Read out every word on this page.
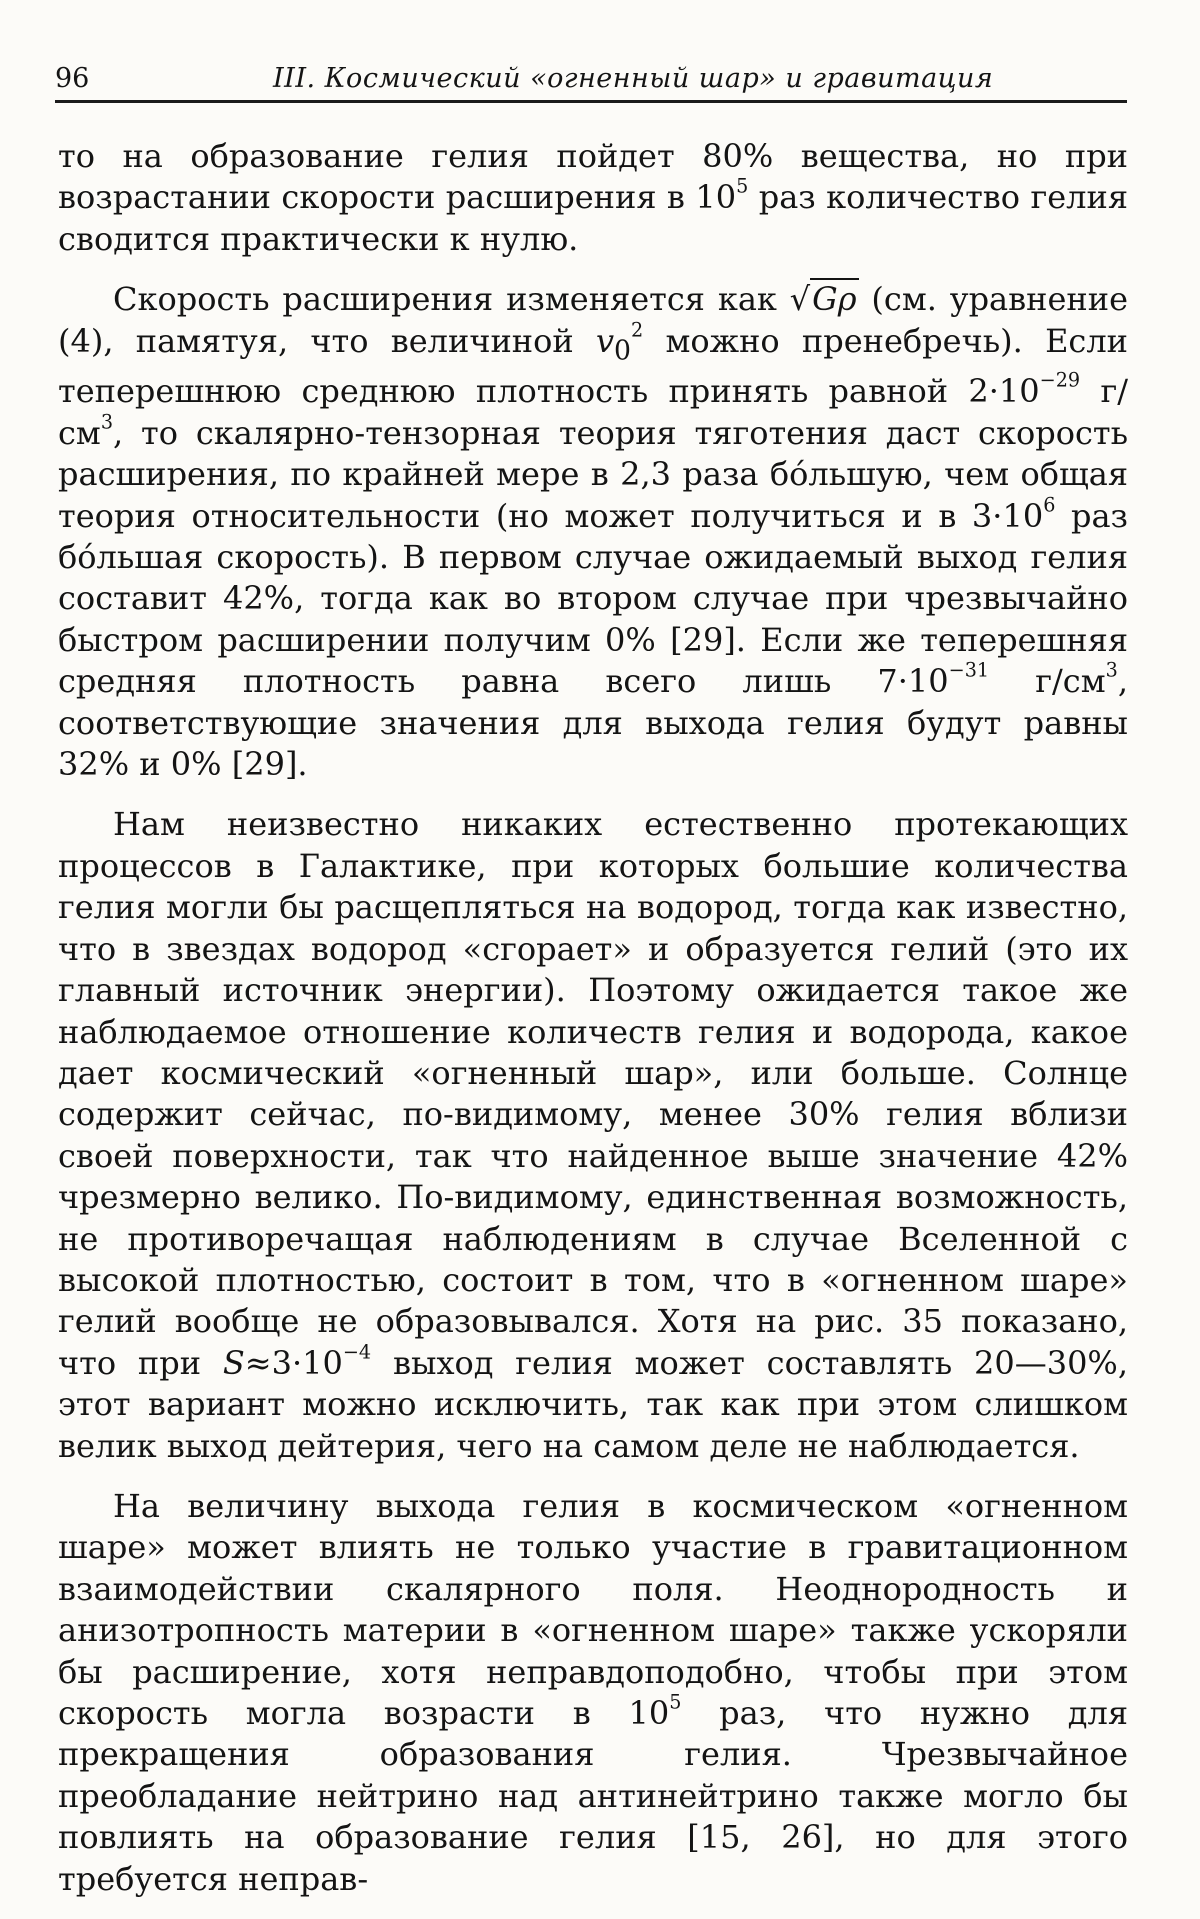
96	III. Космический «огненный шар» и гравитация

то на образование гелия пойдет 80% вещества, но при возрастании скорости расширения в $10^5$ раз количество гелия сводится практически к нулю.

Скорость расширения изменяется как √Gρ (см. уравнение (4), памятуя, что величиной $v_0^2$ можно пренебречь). Если теперешнюю среднюю плотность принять равной $2\cdot 10^{-29}$ $г/см^3$, то скалярно-тензорная теория тяготения даст скорость расширения, по крайней мере в 2,3 раза бо́льшую, чем общая теория относительности (но может получиться и в $3\cdot 10^6$ раз бо́льшая скорость). В первом случае ожидаемый выход гелия составит 42%, тогда как во втором случае при чрезвычайно быстром расширении получим 0% [29]. Если же теперешняя средняя плотность равна всего лишь $7\cdot 10^{-31}$ $г/см^3$, соответствующие значения для выхода гелия будут равны 32% и 0% [29].

Нам неизвестно никаких естественно протекающих процессов в Галактике, при которых большие количества гелия могли бы расщепляться на водород, тогда как известно, что в звездах водород «сгорает» и образуется гелий (это их главный источник энергии). Поэтому ожидается такое же наблюдаемое отношение количеств гелия и водорода, какое дает космический «огненный шар», или больше. Солнце содержит сейчас, по-видимому, менее 30% гелия вблизи своей поверхности, так что найденное выше значение 42% чрезмерно велико. По-видимому, единственная возможность, не противоречащая наблюдениям в случае Вселенной с высокой плотностью, состоит в том, что в «огненном шаре» гелий вообще не образовывался. Хотя на рис. 35 показано, что при $S\approx 3\cdot 10^{-4}$ выход гелия может составлять 20—30%, этот вариант можно исключить, так как при этом слишком велик выход дейтерия, чего на самом деле не наблюдается.

На величину выхода гелия в космическом «огненном шаре» может влиять не только участие в гравитационном взаимодействии скалярного поля. Неоднородность и анизотропность материи в «огненном шаре» также ускоряли бы расширение, хотя неправдоподобно, чтобы при этом скорость могла возрасти в $10^5$ раз, что нужно для прекращения образования гелия. Чрезвычайное преобладание нейтрино над антинейтрино также могло бы повлиять на образование гелия [15, 26], но для этого требуется неправ-
